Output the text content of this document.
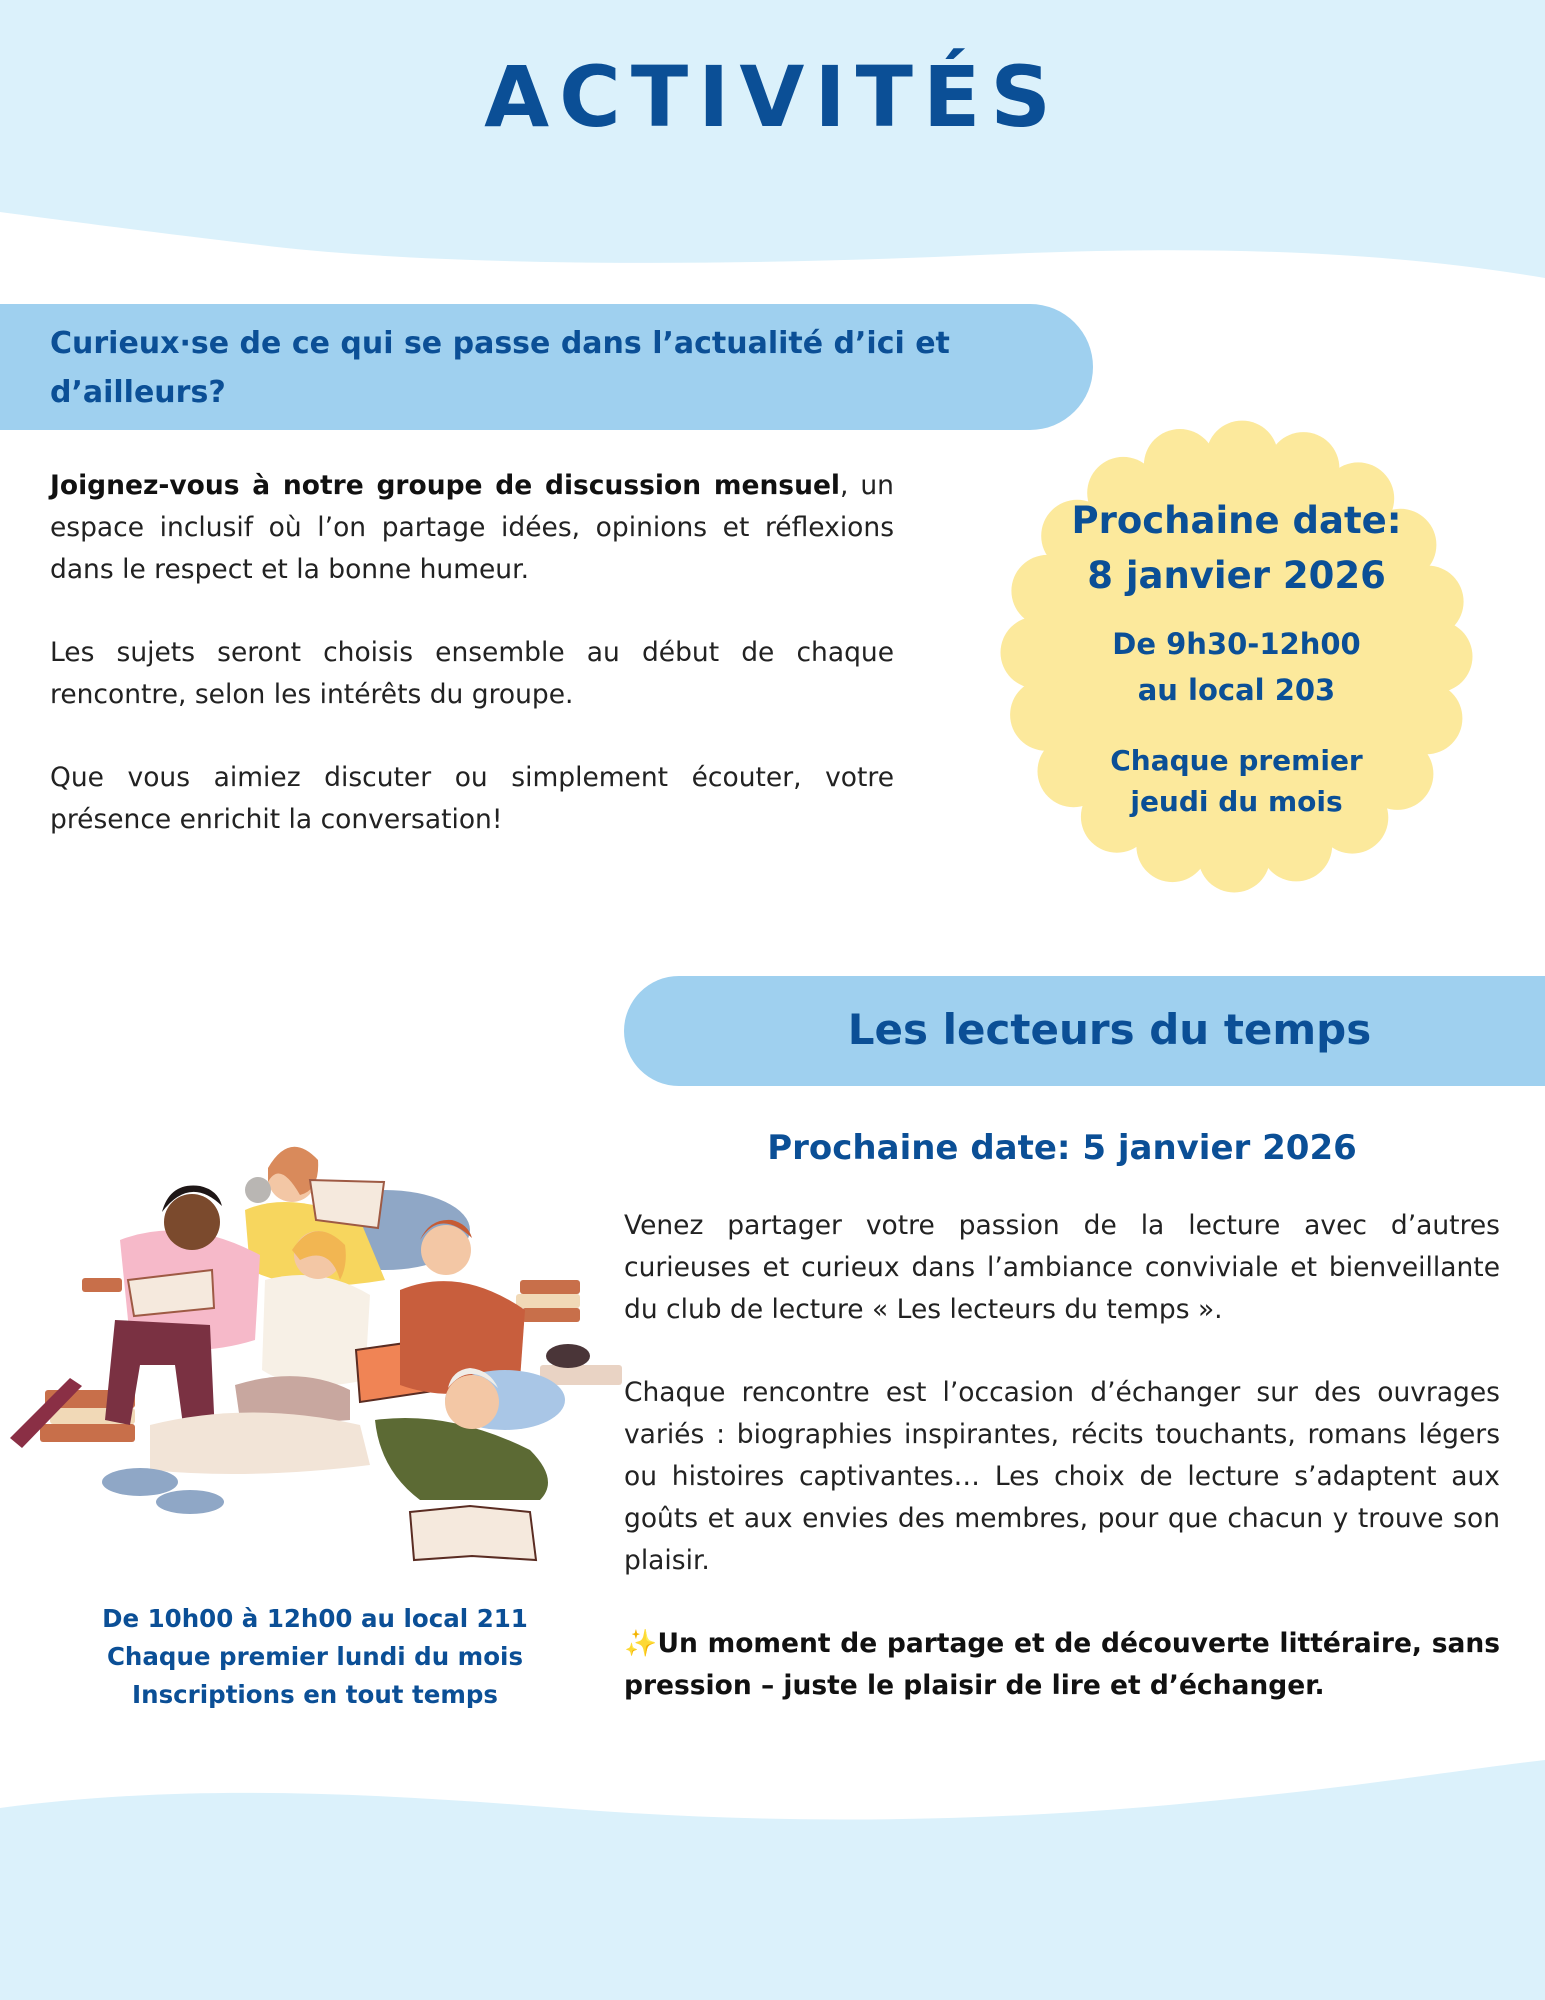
ACTIVITÉS
Curieux·se de ce qui se passe dans l’actualité d’ici et d’ailleurs?

Joignez-vous à notre groupe de discussion mensuel, un espace inclusif où l’on partage idées, opinions et réflexions dans le respect et la bonne humeur.

Les sujets seront choisis ensemble au début de chaque rencontre, selon les intérêts du groupe.

Que vous aimiez discuter ou simplement écouter, votre présence enrichit la conversation!

Prochaine date:
8 janvier 2026
De 9h30-12h00
au local 203
Chaque premier
jeudi du mois
Les lecteurs du temps

Prochaine date: 5 janvier 2026

Venez partager votre passion de la lecture avec d’autres curieuses et curieux dans l’ambiance conviviale et bienveillante du club de lecture « Les lecteurs du temps ».

Chaque rencontre est l’occasion d’échanger sur des ouvrages variés : biographies inspirantes, récits touchants, romans légers ou histoires captivantes… Les choix de lecture s’adaptent aux goûts et aux envies des membres, pour que chacun y trouve son plaisir.

✨Un moment de partage et de découverte littéraire, sans pression – juste le plaisir de lire et d’échanger.

De 10h00 à 12h00 au local 211
Chaque premier lundi du mois
Inscriptions en tout temps
